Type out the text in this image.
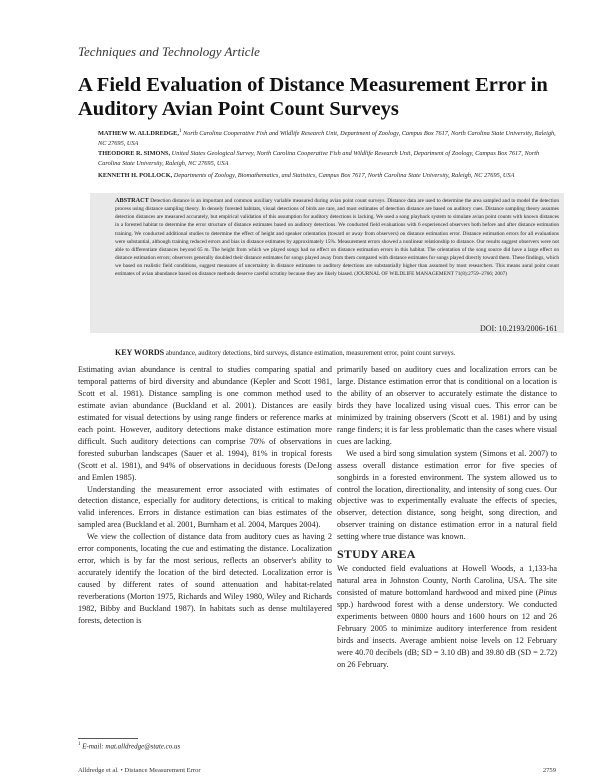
Techniques and Technology Article
A Field Evaluation of Distance Measurement Error in Auditory Avian Point Count Surveys
MATHEW W. ALLDREDGE,$^1$ North Carolina Cooperative Fish and Wildlife Research Unit, Department of Zoology, Campus Box 7617, North Carolina State University, Raleigh, NC 27695, USA
THEODORE R. SIMONS, United States Geological Survey, North Carolina Cooperative Fish and Wildlife Research Unit, Department of Zoology, Campus Box 7617, North Carolina State University, Raleigh, NC 27695, USA
KENNETH H. POLLOCK, Departments of Zoology, Biomathematics, and Statistics, Campus Box 7617, North Carolina State University, Raleigh, NC 27695, USA
ABSTRACT Detection distance is an important and common auxiliary variable measured during avian point count surveys. Distance data are used to determine the area sampled and to model the detection process using distance sampling theory. In densely forested habitats, visual detections of birds are rare, and most estimates of detection distance are based on auditory cues. Distance sampling theory assumes detection distances are measured accurately, but empirical validation of this assumption for auditory detections is lacking. We used a song playback system to simulate avian point counts with known distances in a forested habitat to determine the error structure of distance estimates based on auditory detections. We conducted field evaluations with 6 experienced observers both before and after distance estimation training. We conducted additional studies to determine the effect of height and speaker orientation (toward or away from observers) on distance estimation error. Distance estimation errors for all evaluations were substantial, although training reduced errors and bias in distance estimates by approximately 15%. Measurement errors showed a nonlinear relationship to distance. Our results suggest observers were not able to differentiate distances beyond 65 m. The height from which we played songs had no effect on distance estimation errors in this habitat. The orientation of the song source did have a large effect on distance estimation errors; observers generally doubled their distance estimates for songs played away from them compared with distance estimates for songs played directly toward them. These findings, which we based on realistic field conditions, suggest measures of uncertainty in distance estimates to auditory detections are substantially higher than assumed by most researchers. This means aural point count estimates of avian abundance based on distance methods deserve careful scrutiny because they are likely biased. (JOURNAL OF WILDLIFE MANAGEMENT 71(8):2759–2766; 2007)
DOI: 10.2193/2006-161
KEY WORDS abundance, auditory detections, bird surveys, distance estimation, measurement error, point count surveys.

Estimating avian abundance is central to studies comparing spatial and temporal patterns of bird diversity and abundance (Kepler and Scott 1981, Scott et al. 1981). Distance sampling is one common method used to estimate avian abundance (Buckland et al. 2001). Distances are easily estimated for visual detections by using range finders or reference marks at each point. However, auditory detections make distance estimation more difficult. Such auditory detections can comprise 70% of observations in forested suburban landscapes (Sauer et al. 1994), 81% in tropical forests (Scott et al. 1981), and 94% of observations in deciduous forests (DeJong and Emlen 1985).

Understanding the measurement error associated with estimates of detection distance, especially for auditory detections, is critical to making valid inferences. Errors in distance estimation can bias estimates of the sampled area (Buckland et al. 2001, Burnham et al. 2004, Marques 2004).

We view the collection of distance data from auditory cues as having 2 error components, locating the cue and estimating the distance. Localization error, which is by far the most serious, reflects an observer's ability to accurately identify the location of the bird detected. Localization error is caused by different rates of sound attenuation and habitat-related reverberations (Morton 1975, Richards and Wiley 1980, Wiley and Richards 1982, Bibby and Buckland 1987). In habitats such as dense multilayered forests, detection is

primarily based on auditory cues and localization errors can be large. Distance estimation error that is conditional on a location is the ability of an observer to accurately estimate the distance to birds they have localized using visual cues. This error can be minimized by training observers (Scott et al. 1981) and by using range finders; it is far less problematic than the cases where visual cues are lacking.

We used a bird song simulation system (Simons et al. 2007) to assess overall distance estimation error for five species of songbirds in a forested environment. The system allowed us to control the location, directionality, and intensity of song cues. Our objective was to experimentally evaluate the effects of species, observer, detection distance, song height, song direction, and observer training on distance estimation error in a natural field setting where true distance was known.

STUDY AREA

We conducted field evaluations at Howell Woods, a 1,133-ha natural area in Johnston County, North Carolina, USA. The site consisted of mature bottomland hardwood and mixed pine (Pinus spp.) hardwood forest with a dense understory. We conducted experiments between 0800 hours and 1600 hours on 12 and 26 February 2005 to minimize auditory interference from resident birds and insects. Average ambient noise levels on 12 February were 40.70 decibels (dB; SD = 3.10 dB) and 39.80 dB (SD = 2.72) on 26 February.

$^1$ E-mail: mat.alldredge@state.co.us
Alldredge et al. • Distance Measurement Error	2759
